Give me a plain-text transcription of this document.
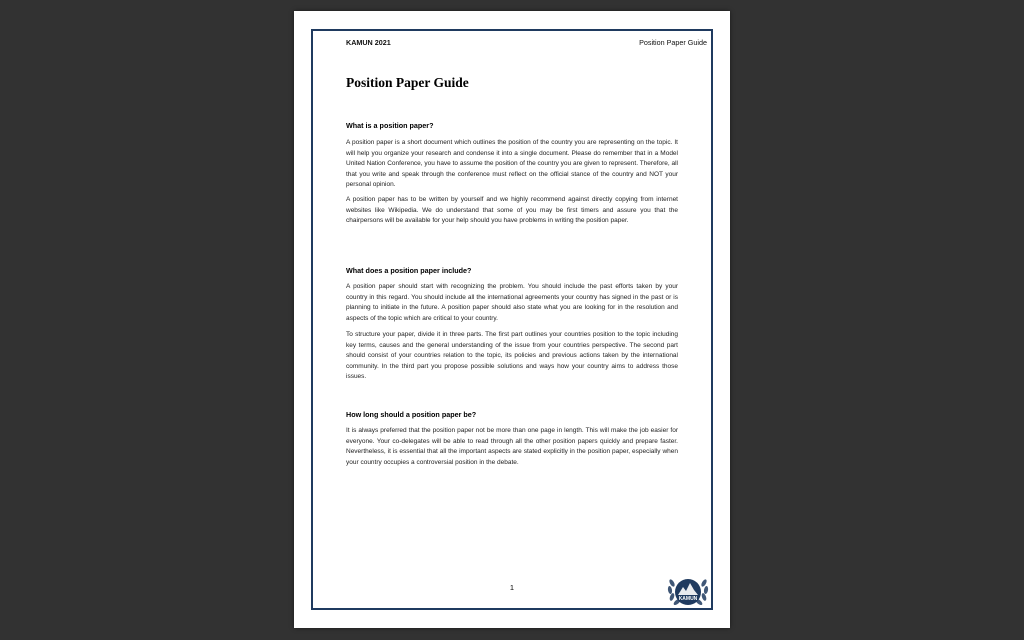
KAMUN 2021	Position Paper Guide
Position Paper Guide
What is a position paper?

A position paper is a short document which outlines the position of the country you are representing on the topic. It will help you organize your research and condense it into a single document. Please do remember that in a Model United Nation Conference, you have to assume the position of the country you are given to represent. Therefore, all that you write and speak through the conference must reflect on the official stance of the country and NOT your personal opinion.

A position paper has to be written by yourself and we highly recommend against directly copying from internet websites like Wikipedia. We do understand that some of you may be first timers and assure you that the chairpersons will be available for your help should you have problems in writing the position paper.

What does a position paper include?

A position paper should start with recognizing the problem. You should include the past efforts taken by your country in this regard. You should include all the international agreements your country has signed in the past or is planning to initiate in the future. A position paper should also state what you are looking for in the resolution and aspects of the topic which are critical to your country.

To structure your paper, divide it in three parts. The first part outlines your countries position to the topic including key terms, causes and the general understanding of the issue from your countries perspective. The second part should consist of your countries relation to the topic, its policies and previous actions taken by the international community. In the third part you propose possible solutions and ways how your country aims to address those issues.

How long should a position paper be?

It is always preferred that the position paper not be more than one page in length. This will make the job easier for everyone. Your co-delegates will be able to read through all the other position papers quickly and prepare faster. Nevertheless, it is essential that all the important aspects are stated explicitly in the position paper, especially when your country occupies a controversial position in the debate.

1
KAMUN
